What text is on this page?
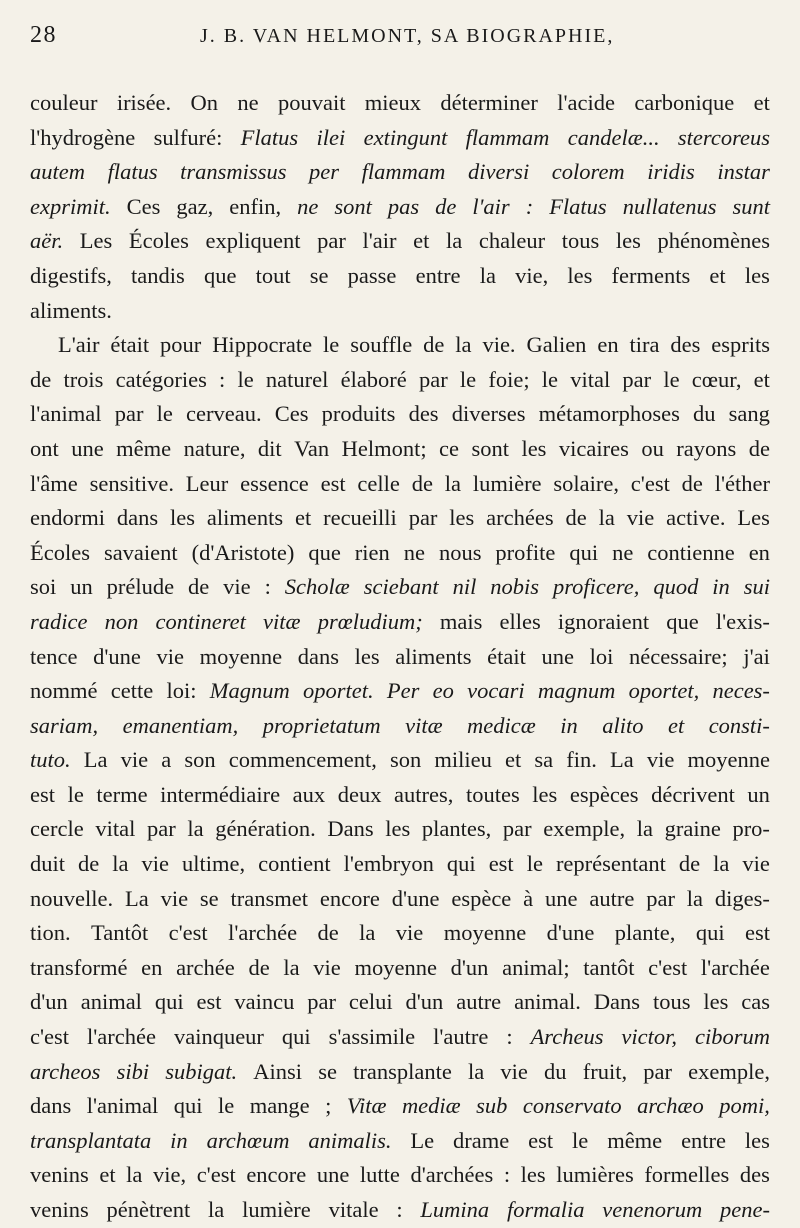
28	J. B. VAN HELMONT, SA BIOGRAPHIE,
couleur irisée. On ne pouvait mieux déterminer l'acide carbonique et
l'hydrogène sulfuré: Flatus ilei extingunt flammam candelæ... stercoreus
autem flatus transmissus per flammam diversi colorem iridis instar
exprimit. Ces gaz, enfin, ne sont pas de l'air : Flatus nullatenus sunt
aër. Les Écoles expliquent par l'air et la chaleur tous les phénomènes
digestifs, tandis que tout se passe entre la vie, les ferments et les
aliments.
L'air était pour Hippocrate le souffle de la vie. Galien en tira des esprits
de trois catégories : le naturel élaboré par le foie; le vital par le cœur, et
l'animal par le cerveau. Ces produits des diverses métamorphoses du sang
ont une même nature, dit Van Helmont; ce sont les vicaires ou rayons de
l'âme sensitive. Leur essence est celle de la lumière solaire, c'est de l'éther
endormi dans les aliments et recueilli par les archées de la vie active. Les
Écoles savaient (d'Aristote) que rien ne nous profite qui ne contienne en
soi un prélude de vie : Scholæ sciebant nil nobis proficere, quod in sui
radice non contineret vitæ prœludium; mais elles ignoraient que l'exis-
tence d'une vie moyenne dans les aliments était une loi nécessaire; j'ai
nommé cette loi: Magnum oportet. Per eo vocari magnum oportet, neces-
sariam, emanentiam, proprietatum vitæ medicæ in alito et consti-
tuto. La vie a son commencement, son milieu et sa fin. La vie moyenne
est le terme intermédiaire aux deux autres, toutes les espèces décrivent un
cercle vital par la génération. Dans les plantes, par exemple, la graine pro-
duit de la vie ultime, contient l'embryon qui est le représentant de la vie
nouvelle. La vie se transmet encore d'une espèce à une autre par la diges-
tion. Tantôt c'est l'archée de la vie moyenne d'une plante, qui est
transformé en archée de la vie moyenne d'un animal; tantôt c'est l'archée
d'un animal qui est vaincu par celui d'un autre animal. Dans tous les cas
c'est l'archée vainqueur qui s'assimile l'autre : Archeus victor, ciborum
archeos sibi subigat. Ainsi se transplante la vie du fruit, par exemple,
dans l'animal qui le mange ; Vitæ mediæ sub conservato archæo pomi,
transplantata in archœum animalis. Le drame est le même entre les
venins et la vie, c'est encore une lutte d'archées : les lumières formelles des
venins pénètrent la lumière vitale : Lumina formalia venenorum pene-
